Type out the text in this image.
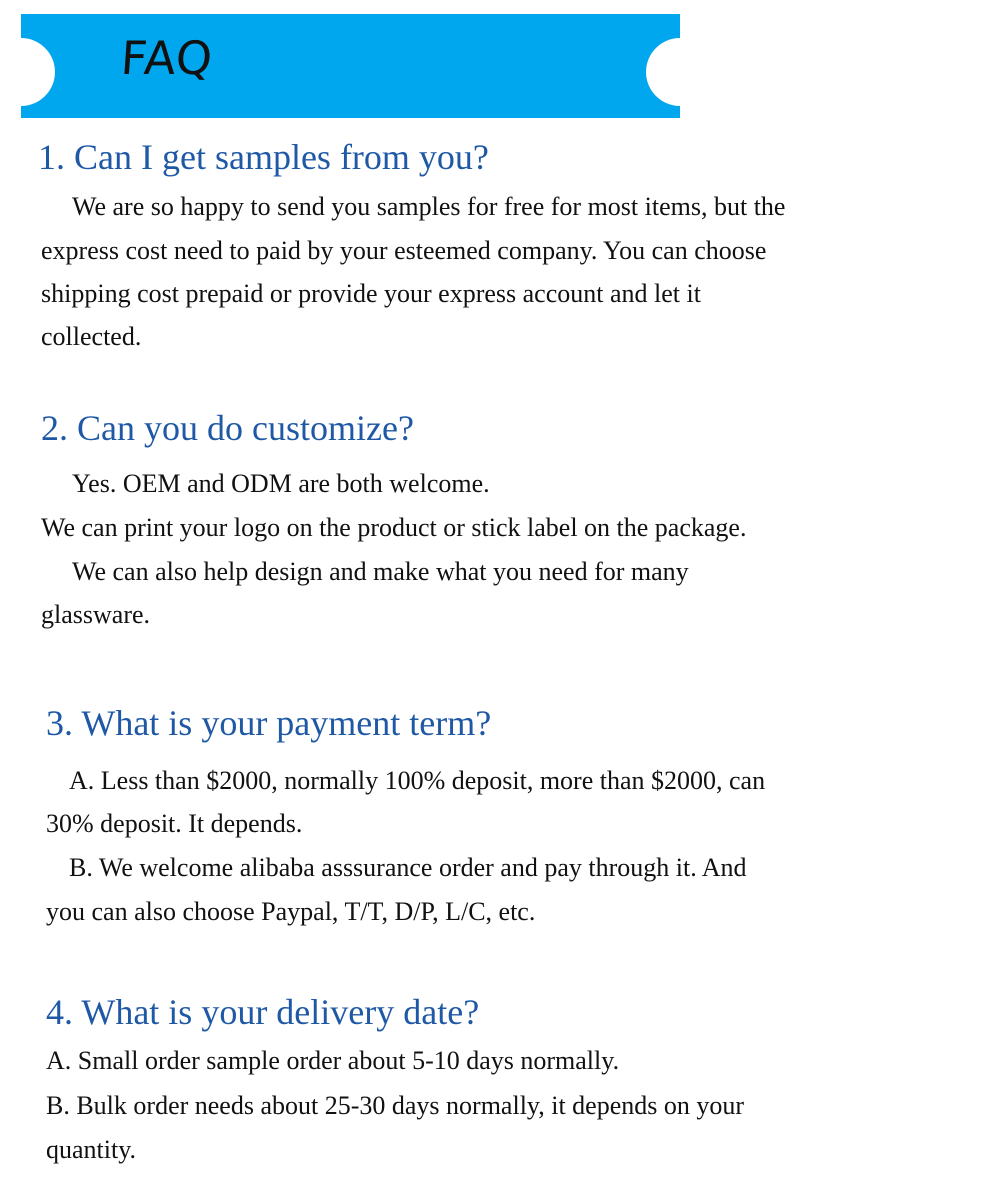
FAQ
1. Can I get samples from you?
We are so happy to send you samples for free for most items, but the
express cost need to paid by your esteemed company. You can choose
shipping cost prepaid or provide your express account and let it
collected.
2. Can you do customize?
Yes. OEM and ODM are both welcome.
We can print your logo on the product or stick label on the package.
We can also help design and make what you need for many
glassware.
3. What is your payment term?
A. Less than $2000, normally 100% deposit, more than $2000, can
30% deposit. It depends.
B. We welcome alibaba asssurance order and pay through it. And
you can also choose Paypal, T/T, D/P, L/C, etc.
4. What is your delivery date?
A. Small order sample order about 5-10 days normally.
B. Bulk order needs about 25-30 days normally, it depends on your
quantity.
